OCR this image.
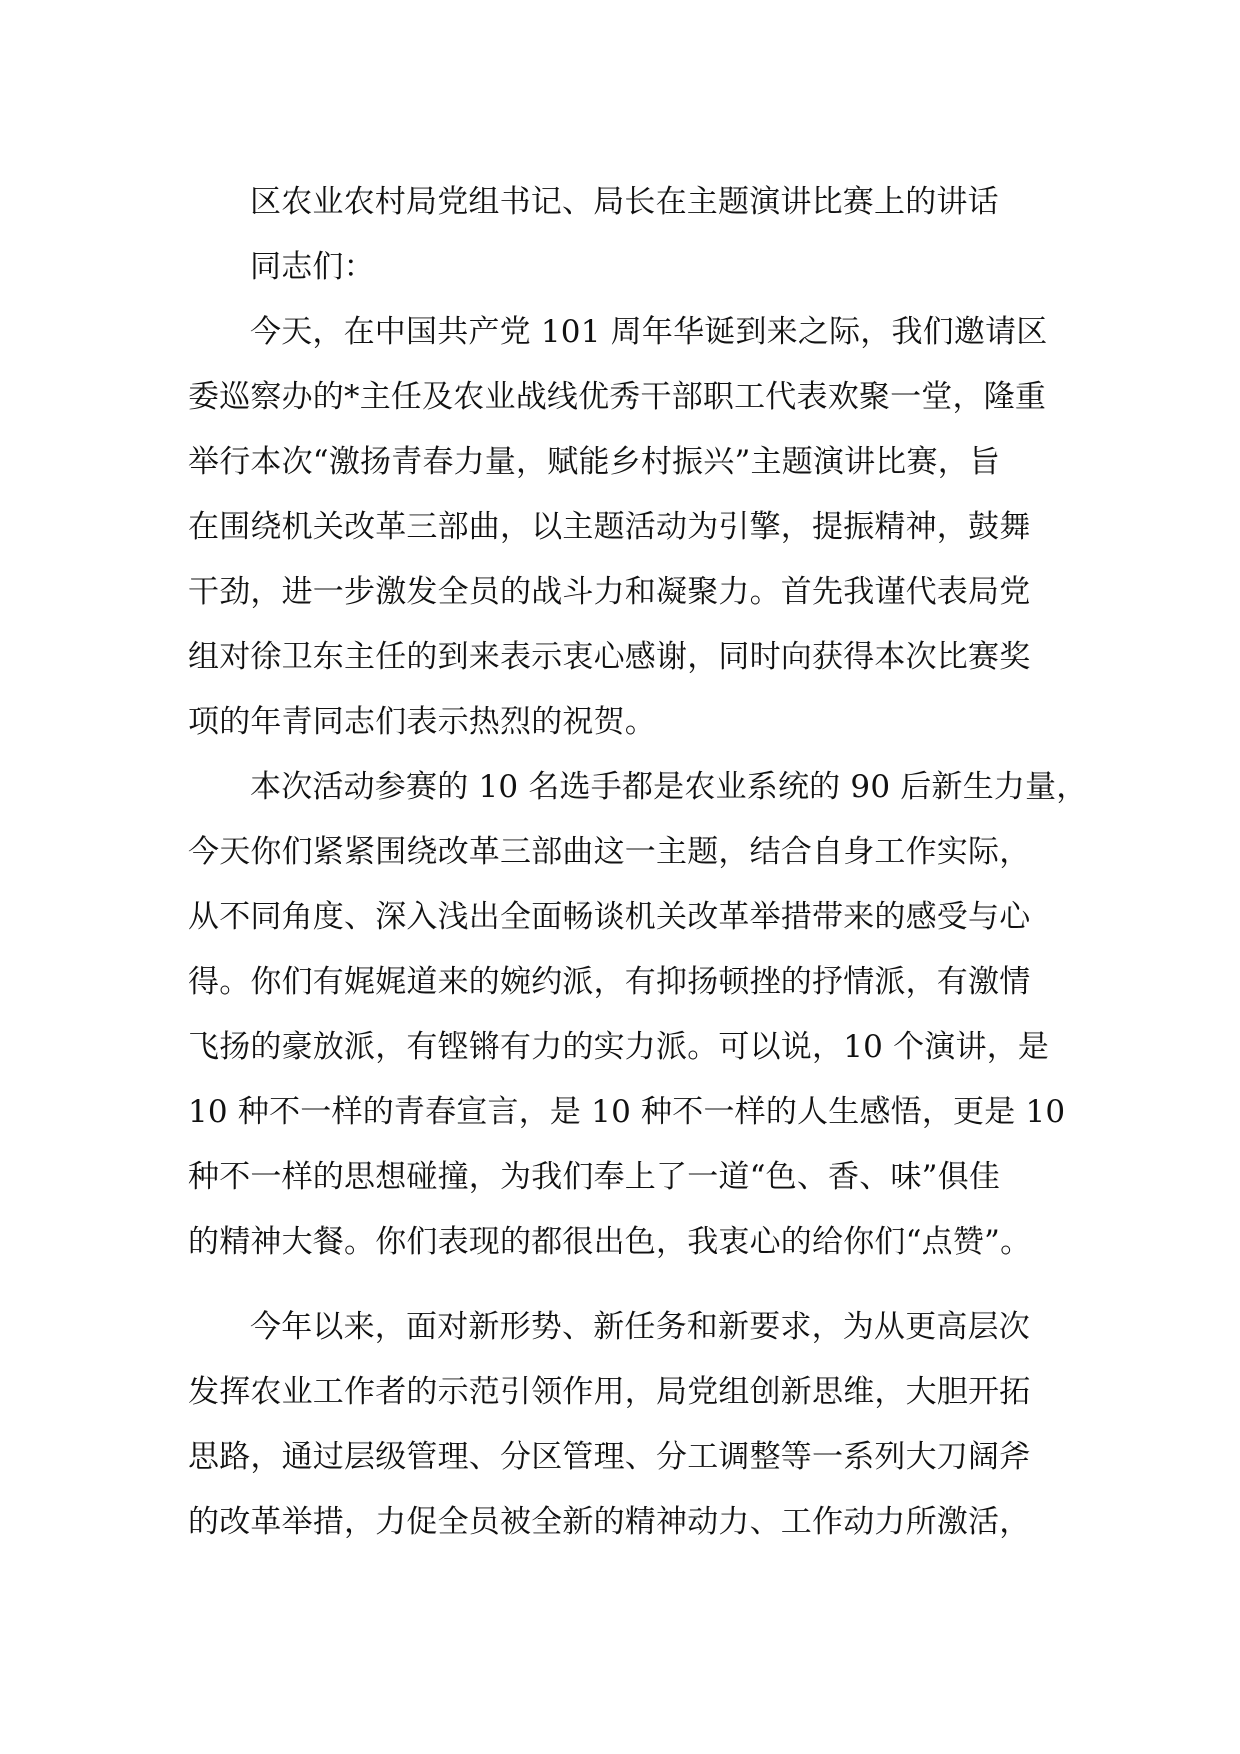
区农业农村局党组书记、局长在主题演讲比赛上的讲话
同志们：
今天，在中国共产党 101 周年华诞到来之际，我们邀请区
委巡察办的*主任及农业战线优秀干部职工代表欢聚一堂，隆重
举行本次“激扬青春力量，赋能乡村振兴”主题演讲比赛，旨
在围绕机关改革三部曲，以主题活动为引擎，提振精神，鼓舞
干劲，进一步激发全员的战斗力和凝聚力。首先我谨代表局党
组对徐卫东主任的到来表示衷心感谢，同时向获得本次比赛奖
项的年青同志们表示热烈的祝贺。
本次活动参赛的 10 名选手都是农业系统的 90 后新生力量，
今天你们紧紧围绕改革三部曲这一主题，结合自身工作实际，
从不同角度、深入浅出全面畅谈机关改革举措带来的感受与心
得。你们有娓娓道来的婉约派，有抑扬顿挫的抒情派，有激情
飞扬的豪放派，有铿锵有力的实力派。可以说，10 个演讲，是
10 种不一样的青春宣言，是 10 种不一样的人生感悟，更是 10
种不一样的思想碰撞，为我们奉上了一道“色、香、味”俱佳
的精神大餐。你们表现的都很出色，我衷心的给你们“点赞”。
今年以来，面对新形势、新任务和新要求，为从更高层次
发挥农业工作者的示范引领作用，局党组创新思维，大胆开拓
思路，通过层级管理、分区管理、分工调整等一系列大刀阔斧
的改革举措，力促全员被全新的精神动力、工作动力所激活，
